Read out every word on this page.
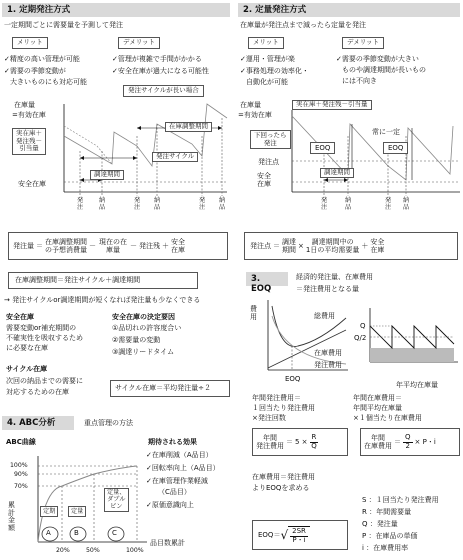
1. 定期発注方式
一定期間ごとに需要量を予測して発注
メリット	デメリット
✓精度の高い管理が可能
✓需要の季節変動が
大きいものにも対応可能
✓管理が複雑で手間がかかる
✓安全在庫が過大になる可能性
発注サイクルが長い場合
在庫量
=有効在庫
実在庫＋
発注残－
引当量
在庫調整期間
発注サイクル
調達期間
安全在庫
発
注
納
品
発
注
納
品
発
注
納
品
発注量 ＝ 在庫調整期間
の予想消費量
－ 現在の在庫量
－ 発注残 ＋ 安全
在庫
在庫調整期間＝発注サイクル＋調達期間
→ 発注サイクルor調達期間が短くなれば発注量も少なくできる
安全在庫
需要変動or補充期間の
不確実性を吸収するため
に必要な在庫
安全在庫の決定要因
①品切れの許容度合い
②需要量の変動
③調達リードタイム
サイクル在庫
次回の納品までの需要に
対応するための在庫	サイクル在庫＝平均発注量÷２
2. 定量発注方式
在庫量が発注点まで減ったら定量を発注
メリット	デメリット
✓運用・管理が楽
✓事務処理の効率化・
自動化が可能
✓需要の季節変動が大きい
ものや調達期間が長いもの
には不向き
在庫量
=有効在庫
実在庫＋発注残－引当量
下回ったら
発注
常に一定
EOQ	EOQ
発注点
安全
在庫
調達期間
発
注
納
品
発
注
納
品
発注点 ＝ 調達
期間
× 調達期間中の
1日の平均需要量
＋ 安全
在庫
3. EOQ
経済的発注量、在庫費用
＝発注費用となる量
費用	総費用
在庫費用
発注費用
EOQ
Q
Q/2
年平均在庫量
年間発注費用＝
１回当たり発注費用
×発注回数
年間在庫費用＝
年間平均在庫量
×１個当たり在庫費用
年間
発注費用
＝ $5 \times \frac{R}{Q}$	年間
在庫費用
＝ $\frac{Q}{2} \times P$・i
在庫費用＝発注費用
よりEOQを求める
EOQ＝ √ $\frac{2SR}{P・i}$
S ：１回当たり発注費用
R ：年間需要量
Q ：発注量
P ：在庫品の単価
i ：在庫費用率
4. ABC分析	重点管理の方法
ABC曲線
100%
90%
70%
累
計
金
額
定期	定量
定量、
ダブル
ビン
A	B	C
20%	50%	100%
品目数累計
期待される効果
✓在庫削減（A品目）
✓回転率向上（A品目）
✓在庫管理作業軽減
（C品目）
✓原価意識向上
